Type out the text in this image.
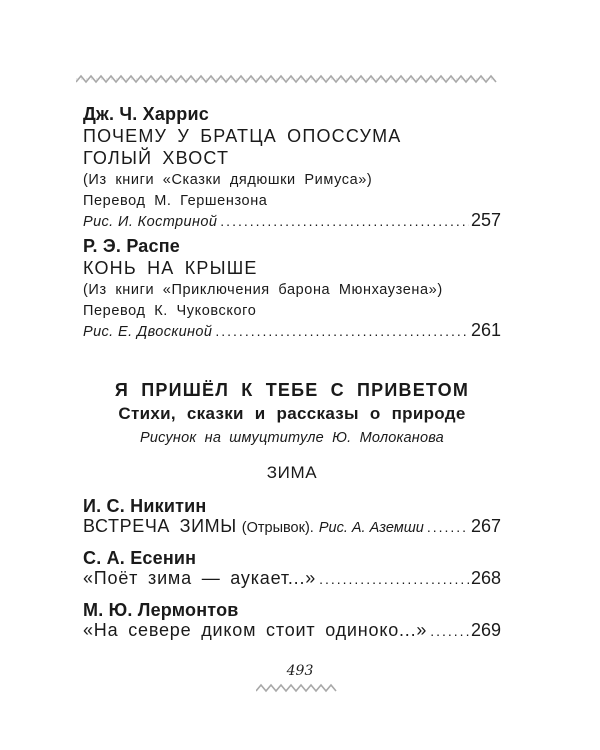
Дж. Ч. Харрис
ПОЧЕМУ У БРАТЦА ОПОССУМА
ГОЛЫЙ ХВОСТ
(Из книги «Сказки дядюшки Римуса»)
Перевод М. Гершензона
Рис. И. Костриной .....	257
Р. Э. Распе
КОНЬ НА КРЫШЕ
(Из книги «Приключения барона Мюнхаузена»)
Перевод К. Чуковского
Рис. Е. Двоскиной .....	261
Я ПРИШЁЛ К ТЕБЕ С ПРИВЕТОМ
Стихи, сказки и рассказы о природе
Рисунок на шмуцтитуле Ю. Молоканова
ЗИМА
И. С. Никитин
ВСТРЕЧА ЗИМЫ (Отрывок). Рис. А. Аземши .....	267
С. А. Есенин
«Поёт зима — аукает...» .....	268
М. Ю. Лермонтов
«На севере диком стоит одиноко...» ..... 269
493
